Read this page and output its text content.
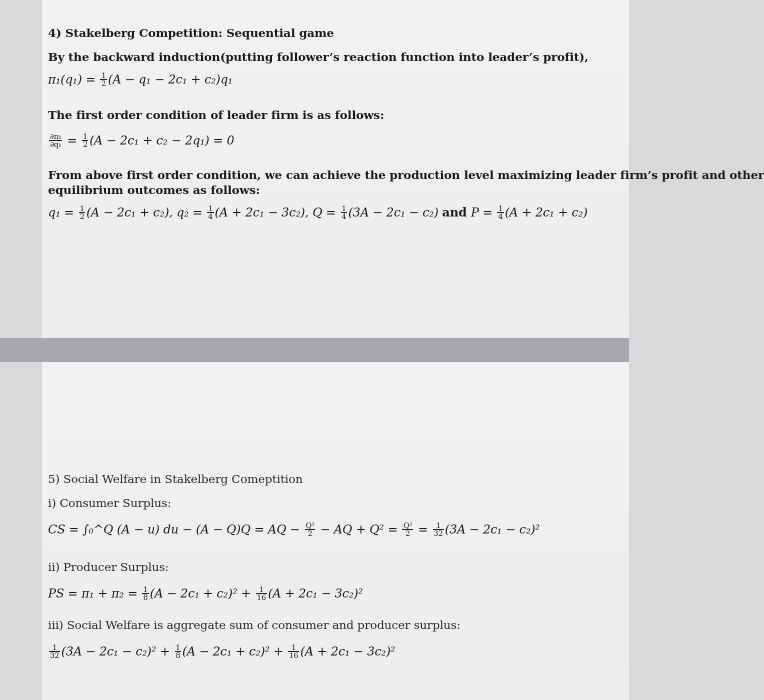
4) Stakelberg Competition: Sequential game
By the backward induction(putting follower’s reaction function into leader’s profit),
$\pi_1(q_1) = \frac{1}{2} (A - q_1 - 2c_1 + c_2)q_1$
The first order condition of leader firm is as follows:
$\frac{\text{∂π₁}}{\text{∂q₁}} = \frac{1}{2} (A - 2c_1 + c_2 - 2q_1) = 0$
From above first order condition, we can achieve the production level maximizing leader firm’s profit and other
equilibrium outcomes as follows:
$q_1 = \frac{1}{2} (A - 2c_1 + c_2)$, $q_2 = \frac{1}{4} (A + 2c_1 - 3c_2)$, $Q = \frac{1}{4} (3A - 2c_1 - c_2)$ and $P = \frac{1}{4} (A + 2c_1 + c_2)$
5) Social Welfare in Stakelberg Comeptition
i) Consumer Surplus:
CS = ∫₀^Q (A − u) du − (A − Q)Q = AQ − $\frac{\text{Q²}}{2}$ − AQ + $Q^2 = \frac{\text{Q²}}{2} = \frac{1}{32} (3A - 2c_1 - c_2)^2$
ii) Producer Surplus:
PS = $\pi_1 + \pi_2 = \frac{1}{8} (A - 2c_1 + c_2)^2 + \frac{1}{16} (A + 2c_1 - 3c_2)^2$
iii) Social Welfare is aggregate sum of consumer and producer surplus:
$\frac{1}{32} (3A - 2c_1 - c_2)^2 + \frac{1}{8} (A - 2c_1 + c_2)^2 + \frac{1}{16} (A + 2c_1 - 3c_2)^2$
